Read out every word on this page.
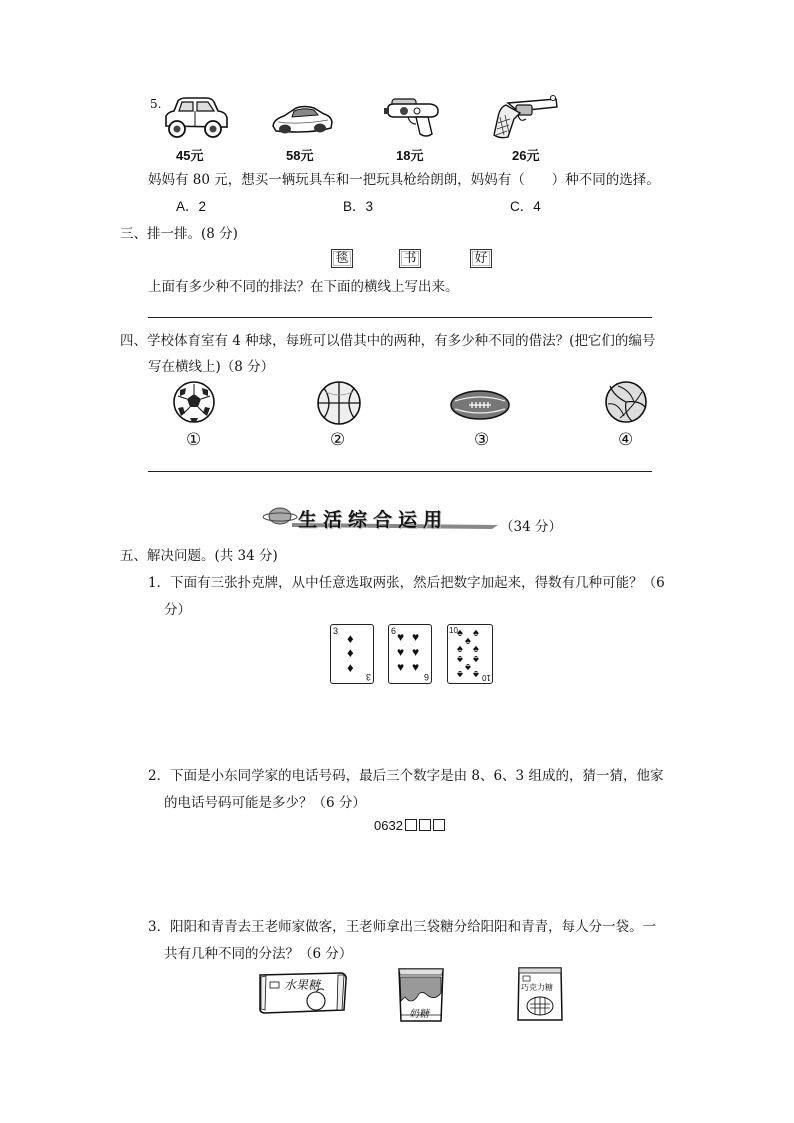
5.
45元	58元	18元	26元
妈妈有 80 元，想买一辆玩具车和一把玩具枪给朗朗，妈妈有（　　）种不同的选择。
A．2	B．3	C．4
三、排一排。(8 分)
毯	书	好
上面有多少种不同的排法？在下面的横线上写出来。
四、学校体育室有 4 种球，每班可以借其中的两种，有多少种不同的借法？(把它们的编号
写在横线上)（8 分）
①	②	③	④
生活综合运用	（34 分）
五、解决问题。(共 34 分)
1．下面有三张扑克牌，从中任意选取两张，然后把数字加起来，得数有几种可能？（6
分）
3 ♦
♦
♦
3
6 ♥ ♥
♥ ♥
♥ ♥
6
10 ♠ ♠
♠
♠ ♠
♠ ♠
♠
♠ ♠ 10
2．下面是小东同学家的电话号码，最后三个数字是由 8、6、3 组成的，猜一猜，他家
的电话号码可能是多少？（6 分）
0632
3．阳阳和青青去王老师家做客，王老师拿出三袋糖分给阳阳和青青，每人分一袋。一
共有几种不同的分法？（6 分）
水果糖
奶糖
巧克力糖
